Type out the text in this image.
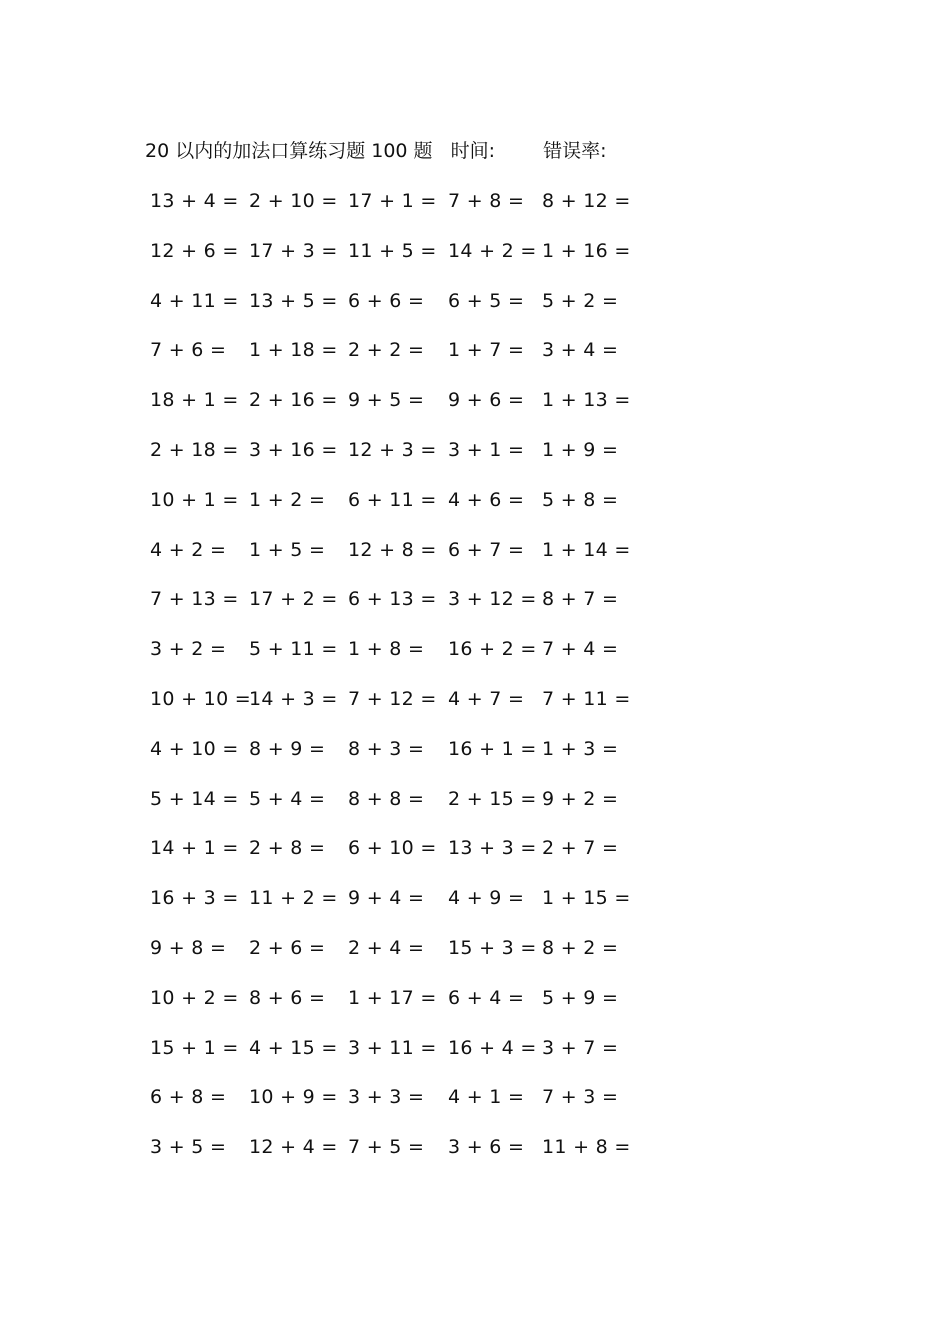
20 以内的加法口算练习题 100 题 时间:	错误率:
13 + 4 = 2 + 10 = 17 + 1 = 7 + 8 = 8 + 12 =
12 + 6 = 17 + 3 = 11 + 5 = 14 + 2 = 1 + 16 =
4 + 11 = 13 + 5 = 6 + 6 = 6 + 5 = 5 + 2 =
7 + 6 = 1 + 18 = 2 + 2 = 1 + 7 = 3 + 4 =
18 + 1 = 2 + 16 = 9 + 5 = 9 + 6 = 1 + 13 =
2 + 18 = 3 + 16 = 12 + 3 = 3 + 1 = 1 + 9 =
10 + 1 = 1 + 2 = 6 + 11 = 4 + 6 = 5 + 8 =
4 + 2 = 1 + 5 = 12 + 8 = 6 + 7 = 1 + 14 =
7 + 13 = 17 + 2 = 6 + 13 = 3 + 12 = 8 + 7 =
3 + 2 = 5 + 11 = 1 + 8 = 16 + 2 = 7 + 4 =
10 + 10 =
14 + 3 = 7 + 12 = 4 + 7 = 7 + 11 =
4 + 10 = 8 + 9 = 8 + 3 = 16 + 1 = 1 + 3 =
5 + 14 = 5 + 4 = 8 + 8 = 2 + 15 = 9 + 2 =
14 + 1 = 2 + 8 = 6 + 10 = 13 + 3 = 2 + 7 =
16 + 3 = 11 + 2 = 9 + 4 = 4 + 9 = 1 + 15 =
9 + 8 = 2 + 6 = 2 + 4 = 15 + 3 = 8 + 2 =
10 + 2 = 8 + 6 = 1 + 17 = 6 + 4 = 5 + 9 =
15 + 1 = 4 + 15 = 3 + 11 = 16 + 4 = 3 + 7 =
6 + 8 = 10 + 9 = 3 + 3 = 4 + 1 = 7 + 3 =
3 + 5 = 12 + 4 = 7 + 5 = 3 + 6 = 11 + 8 =
